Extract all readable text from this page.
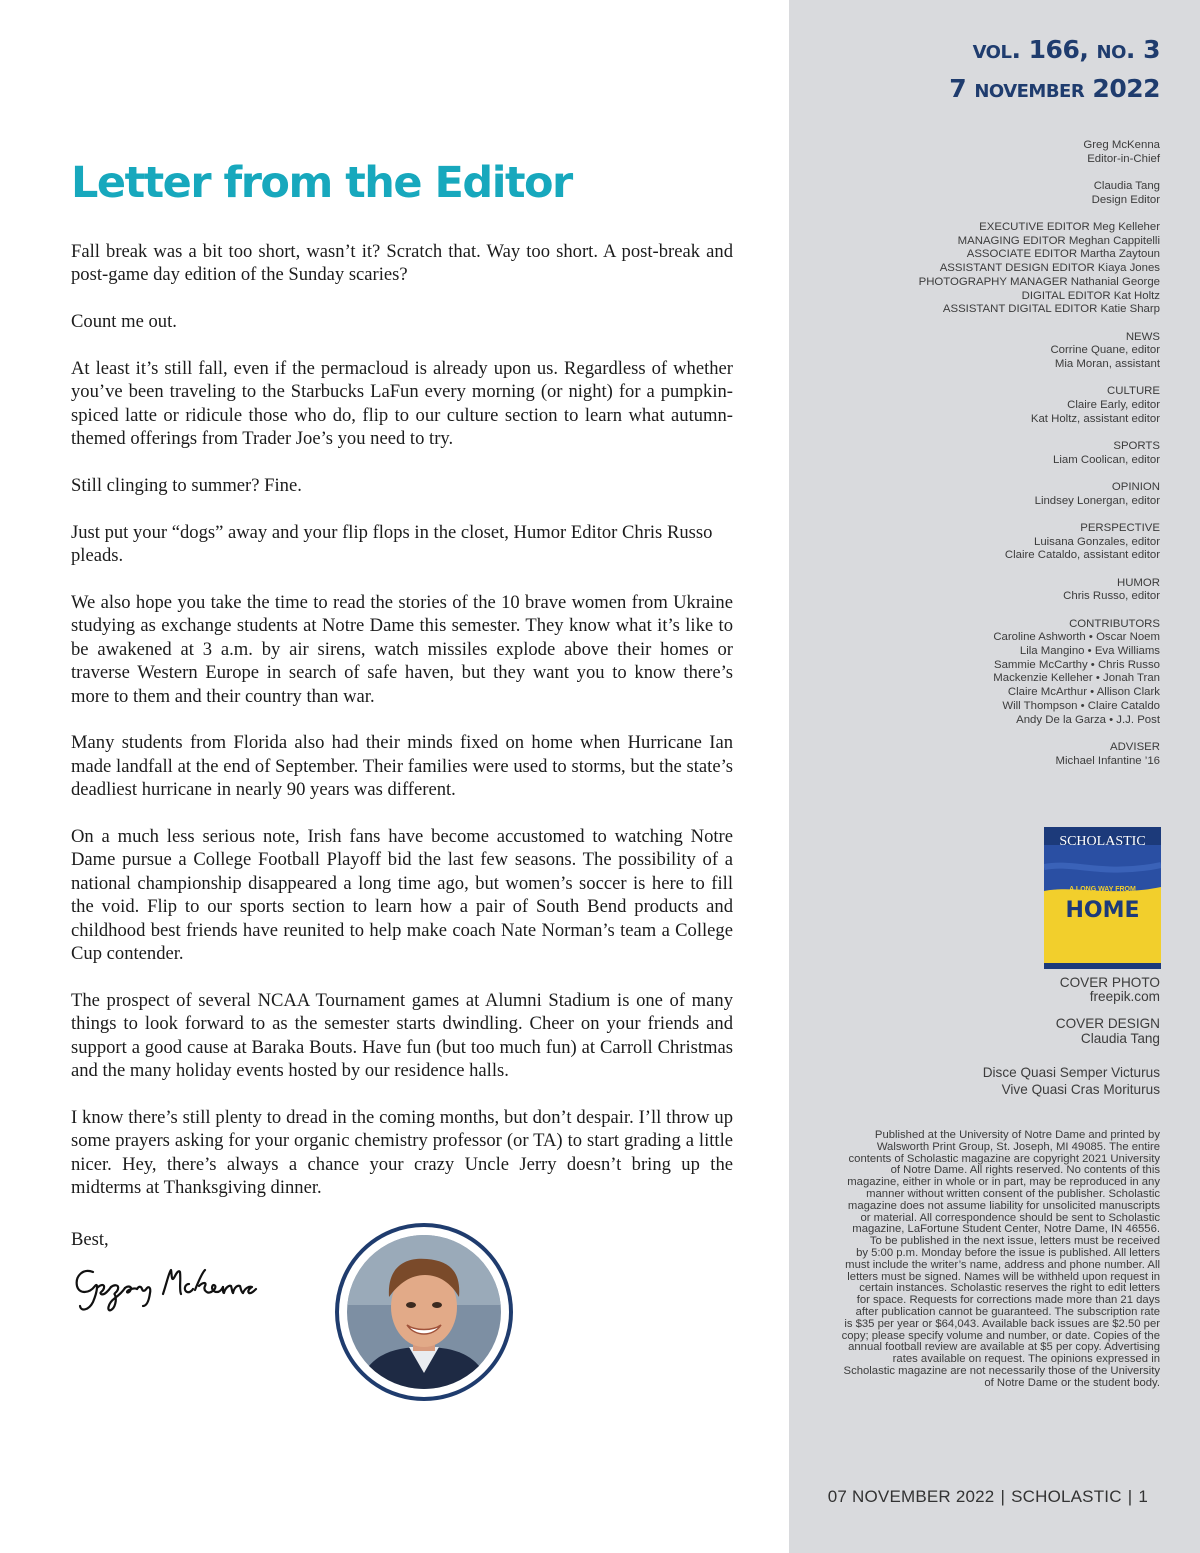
Letter from the Editor

Fall break was a bit too short, wasn’t it? Scratch that. Way too short. A post-break and post-game day edition of the Sunday scaries?

Count me out.

At least it’s still fall, even if the permacloud is already upon us. Regardless of whether you’ve been traveling to the Starbucks LaFun every morning (or night) for a pumpkin-spiced latte or ridicule those who do, flip to our culture section to learn what autumn-themed offerings from Trader Joe’s you need to try.

Still clinging to summer? Fine.

Just put your “dogs” away and your flip flops in the closet, Humor Editor Chris Russo pleads.

We also hope you take the time to read the stories of the 10 brave women from Ukraine studying as exchange students at Notre Dame this semester. They know what it’s like to be awakened at 3 a.m. by air sirens, watch missiles explode above their homes or traverse Western Europe in search of safe haven, but they want you to know there’s more to them and their country than war.

Many students from Florida also had their minds fixed on home when Hurricane Ian made landfall at the end of September. Their families were used to storms, but the state’s deadliest hurricane in nearly 90 years was different.

On a much less serious note, Irish fans have become accustomed to watching Notre Dame pursue a College Football Playoff bid the last few seasons. The possibility of a national championship disappeared a long time ago, but women’s soccer is here to fill the void. Flip to our sports section to learn how a pair of South Bend products and childhood best friends have reunited to help make coach Nate Norman’s team a College Cup contender.

The prospect of several NCAA Tournament games at Alumni Stadium is one of many things to look forward to as the semester starts dwindling. Cheer on your friends and support a good cause at Baraka Bouts. Have fun (but too much fun) at Carroll Christmas and the many holiday events hosted by our residence halls.

I know there’s still plenty to dread in the coming months, but don’t despair. I’ll throw up some prayers asking for your organic chemistry professor (or TA) to start grading a little nicer. Hey, there’s always a chance your crazy Uncle Jerry doesn’t bring up the midterms at Thanksgiving dinner.

Best,
vol. 166, no. 3
7 november 2022
Greg McKenna
Editor-in-Chief
Claudia Tang
Design Editor
EXECUTIVE EDITOR Meg Kelleher
MANAGING EDITOR Meghan Cappitelli
ASSOCIATE EDITOR Martha Zaytoun
ASSISTANT DESIGN EDITOR Kiaya Jones
PHOTOGRAPHY MANAGER Nathanial George
DIGITAL EDITOR Kat Holtz
ASSISTANT DIGITAL EDITOR Katie Sharp
NEWS
Corrine Quane, editor
Mia Moran, assistant
CULTURE
Claire Early, editor
Kat Holtz, assistant editor
SPORTS
Liam Coolican, editor
OPINION
Lindsey Lonergan, editor
PERSPECTIVE
Luisana Gonzales, editor
Claire Cataldo, assistant editor
HUMOR
Chris Russo, editor
CONTRIBUTORS
Caroline Ashworth • Oscar Noem
Lila Mangino • Eva Williams
Sammie McCarthy • Chris Russo
Mackenzie Kelleher • Jonah Tran
Claire McArthur • Allison Clark
Will Thompson • Claire Cataldo
Andy De la Garza • J.J. Post
ADVISER
Michael Infantine ’16
SCHOLASTIC
A LONG WAY FROM
HOME
COVER PHOTO
freepik.com
COVER DESIGN
Claudia Tang
Disce Quasi Semper Victurus
Vive Quasi Cras Moriturus
Published at the University of Notre Dame and printed by
Walsworth Print Group, St. Joseph, MI 49085. The entire
contents of Scholastic magazine are copyright 2021 University
of Notre Dame. All rights reserved. No contents of this
magazine, either in whole or in part, may be reproduced in any
manner without written consent of the publisher. Scholastic
magazine does not assume liability for unsolicited manuscripts
or material. All correspondence should be sent to Scholastic
magazine, LaFortune Student Center, Notre Dame, IN 46556.
To be published in the next issue, letters must be received
by 5:00 p.m. Monday before the issue is published. All letters
must include the writer’s name, address and phone number. All
letters must be signed. Names will be withheld upon request in
certain instances. Scholastic reserves the right to edit letters
for space. Requests for corrections made more than 21 days
after publication cannot be guaranteed. The subscription rate
is $35 per year or $64,043. Available back issues are $2.50 per
copy; please specify volume and number, or date. Copies of the
annual football review are available at $5 per copy. Advertising
rates available on request. The opinions expressed in
Scholastic magazine are not necessarily those of the University
of Notre Dame or the student body.
07 NOVEMBER 2022 | SCHOLASTIC | 1
